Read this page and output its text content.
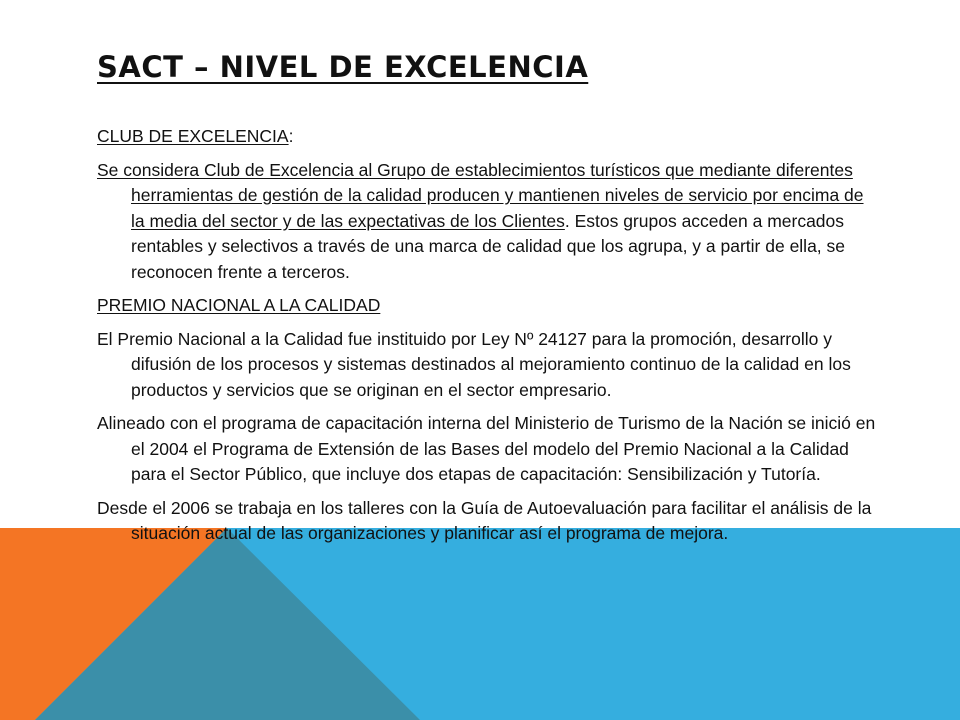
SACT – NIVEL DE EXCELENCIA

CLUB DE EXCELENCIA:

Se considera Club de Excelencia al Grupo de establecimientos turísticos que mediante diferentes herramientas de gestión de la calidad producen y mantienen niveles de servicio por encima de la media del sector y de las expectativas de los Clientes. Estos grupos acceden a mercados rentables y selectivos a través de una marca de calidad que los agrupa, y a partir de ella, se reconocen frente a terceros.

PREMIO NACIONAL A LA CALIDAD

El Premio Nacional a la Calidad fue instituido por Ley Nº 24127 para la promoción, desarrollo y difusión de los procesos y sistemas destinados al mejoramiento continuo de la calidad en los productos y servicios que se originan en el sector empresario.

Alineado con el programa de capacitación interna del Ministerio de Turismo de la Nación se inició en el 2004 el Programa de Extensión de las Bases del modelo del Premio Nacional a la Calidad para el Sector Público, que incluye dos etapas de capacitación: Sensibilización y Tutoría.

Desde el 2006 se trabaja en los talleres con la Guía de Autoevaluación para facilitar el análisis de la situación actual de las organizaciones y planificar así el programa de mejora.
